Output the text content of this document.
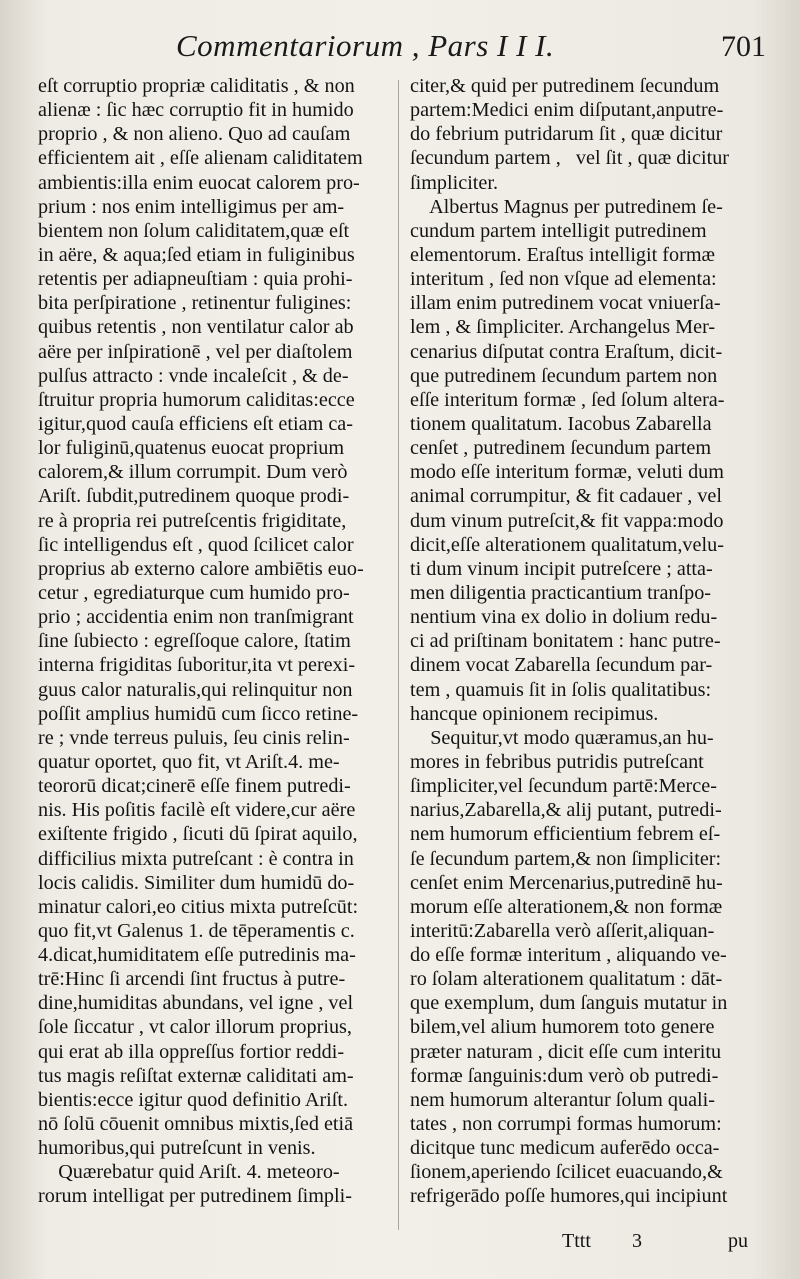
Commentariorum , Pars I I I.	701
eſt corruptio propriæ caliditatis , & non
alienæ : ſic hæc corruptio fit in humido
proprio , & non alieno. Quo ad cauſam
efficientem ait , eſſe alienam caliditatem
ambientis:illa enim euocat calorem pro-
prium : nos enim intelligimus per am-
bientem non ſolum caliditatem,quæ eſt
in aëre, & aqua;ſed etiam in fuliginibus
retentis per adiapneuſtiam : quia prohi-
bita perſpiratione , retinentur fuligines:
quibus retentis , non ventilatur calor ab
aëre per inſpirationē , vel per diaſtolem
pulſus attracto : vnde incaleſcit , & de-
ſtruitur propria humorum caliditas:ecce
igitur,quod cauſa efficiens eſt etiam ca-
lor fuliginū,quatenus euocat proprium
calorem,& illum corrumpit. Dum verò
Ariſt. ſubdit,putredinem quoque prodi-
re à propria rei putreſcentis frigiditate,
ſic intelligendus eſt , quod ſcilicet calor
proprius ab externo calore ambiētis euo-
cetur , egrediaturque cum humido pro-
prio ; accidentia enim non tranſmigrant
ſine ſubiecto : egreſſoque calore, ſtatim
interna frigiditas ſuboritur,ita vt perexi-
guus calor naturalis,qui relinquitur non
poſſit amplius humidū cum ſicco retine-
re ; vnde terreus puluis, ſeu cinis relin-
quatur oportet, quo fit, vt Ariſt.4. me-
teororū dicat;cinerē eſſe finem putredi-
nis. His poſitis facilè eſt videre,cur aëre
exiſtente frigido , ſicuti dū ſpirat aquilo,
difficilius mixta putreſcant : è contra in
locis calidis. Similiter dum humidū do-
minatur calori,eo citius mixta putreſcūt:
quo fit,vt Galenus 1. de tēperamentis c.
4.dicat,humiditatem eſſe putredinis ma-
trē:Hinc ſi arcendi ſint fructus à putre-
dine,humiditas abundans, vel igne , vel
ſole ſiccatur , vt calor illorum proprius,
qui erat ab illa oppreſſus fortior reddi-
tus magis reſiſtat externæ caliditati am-
bientis:ecce igitur quod definitio Ariſt.
nō ſolū cōuenit omnibus mixtis,ſed etiā
humoribus,qui putreſcunt in venis.
Quærebatur quid Ariſt. 4. meteoro-
rorum intelligat per putredinem ſimpli-
citer,& quid per putredinem ſecundum
partem:Medici enim diſputant,anputre-
do febrium putridarum ſit , quæ dicitur
ſecundum partem ,   vel ſit , quæ dicitur
ſimpliciter.
Albertus Magnus per putredinem ſe-
cundum partem intelligit putredinem
elementorum. Eraſtus intelligit formæ
interitum , ſed non vſque ad elementa:
illam enim putredinem vocat vniuerſa-
lem , & ſimpliciter. Archangelus Mer-
cenarius diſputat contra Eraſtum, dicit-
que putredinem ſecundum partem non
eſſe interitum formæ , ſed ſolum altera-
tionem qualitatum. Iacobus Zabarella
cenſet , putredinem ſecundum partem
modo eſſe interitum formæ, veluti dum
animal corrumpitur, & fit cadauer , vel
dum vinum putreſcit,& fit vappa:modo
dicit,eſſe alterationem qualitatum,velu-
ti dum vinum incipit putreſcere ; atta-
men diligentia practicantium tranſpo-
nentium vina ex dolio in dolium redu-
ci ad priſtinam bonitatem : hanc putre-
dinem vocat Zabarella ſecundum par-
tem , quamuis ſit in ſolis qualitatibus:
hancque opinionem recipimus.
Sequitur,vt modo quæramus,an hu-
mores in febribus putridis putreſcant
ſimpliciter,vel ſecundum partē:Merce-
narius,Zabarella,& alij putant, putredi-
nem humorum efficientium febrem eſ-
ſe ſecundum partem,& non ſimpliciter:
cenſet enim Mercenarius,putredinē hu-
morum eſſe alterationem,& non formæ
interitū:Zabarella verò aſſerit,aliquan-
do eſſe formæ interitum , aliquando ve-
ro ſolam alterationem qualitatum : dāt-
que exemplum, dum ſanguis mutatur in
bilem,vel alium humorem toto genere
præter naturam , dicit eſſe cum interitu
formæ ſanguinis:dum verò ob putredi-
nem humorum alterantur ſolum quali-
tates , non corrumpi formas humorum:
dicitque tunc medicum auferēdo occa-
ſionem,aperiendo ſcilicet euacuando,&
refrigerādo poſſe humores,qui incipiunt
Tttt 3	pu
